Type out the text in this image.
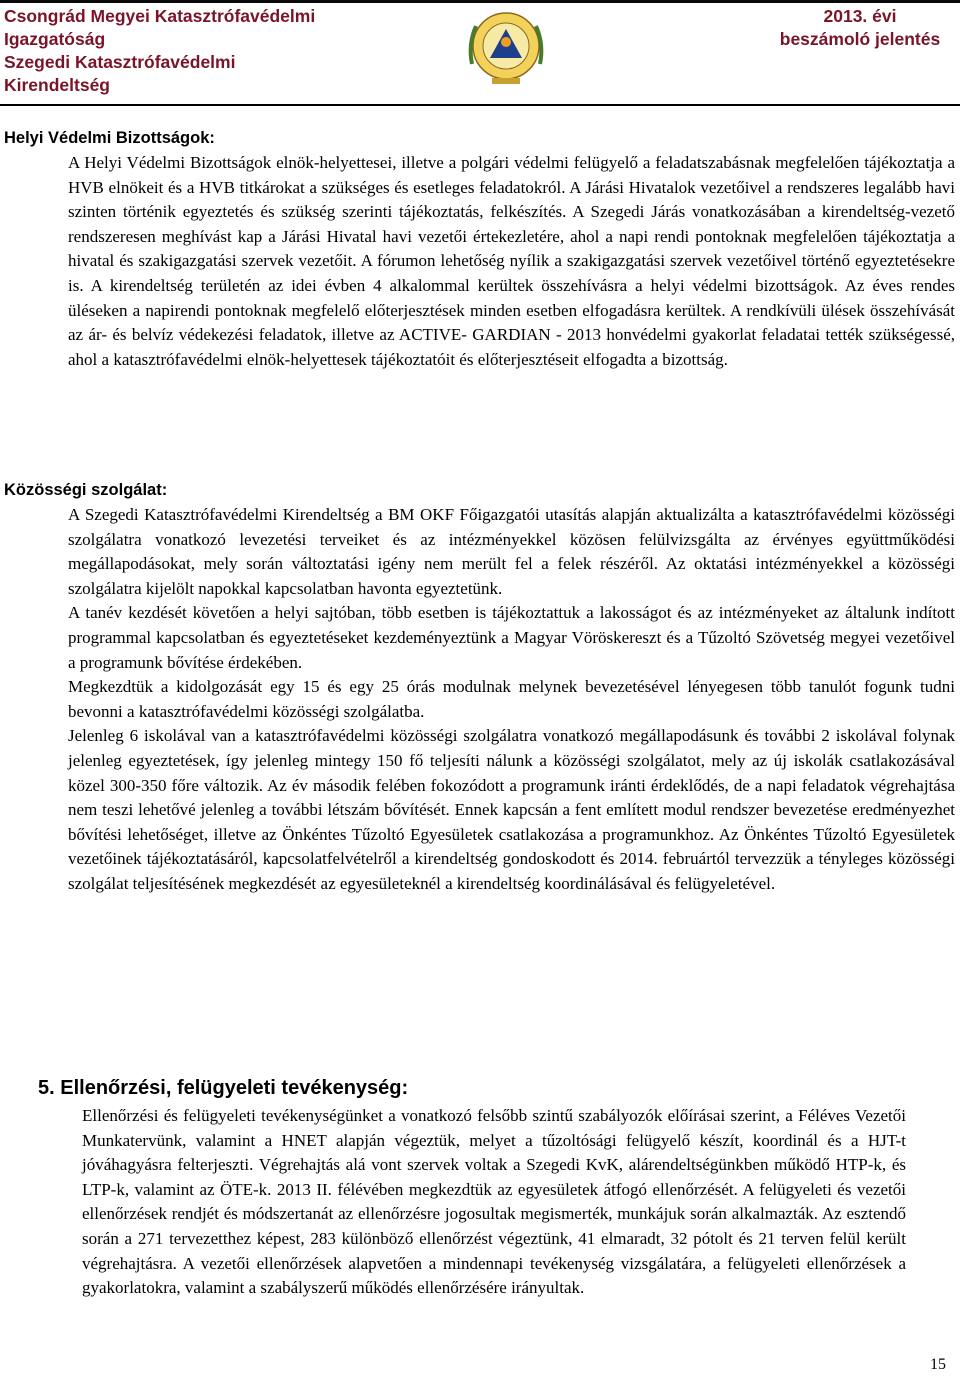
Csongrád Megyei Katasztrófavédelmi
Igazgatóság
Szegedi Katasztrófavédelmi
Kirendeltség
2013. évi
beszámoló jelentés
Helyi Védelmi Bizottságok:

A Helyi Védelmi Bizottságok elnök-helyettesei, illetve a polgári védelmi felügyelő a feladatszabásnak megfelelően tájékoztatja a HVB elnökeit és a HVB titkárokat a szükséges és esetleges feladatokról. A Járási Hivatalok vezetőivel a rendszeres legalább havi szinten történik egyeztetés és szükség szerinti tájékoztatás, felkészítés. A Szegedi Járás vonatkozásában a kirendeltség-vezető rendszeresen meghívást kap a Járási Hivatal havi vezetői értekezletére, ahol a napi rendi pontoknak megfelelően tájékoztatja a hivatal és szakigazgatási szervek vezetőit. A fórumon lehetőség nyílik a szakigazgatási szervek vezetőivel történő egyeztetésekre is. A kirendeltség területén az idei évben 4 alkalommal kerültek összehívásra a helyi védelmi bizottságok. Az éves rendes üléseken a napirendi pontoknak megfelelő előterjesztések minden esetben elfogadásra kerültek. A rendkívüli ülések összehívását az ár- és belvíz védekezési feladatok, illetve az ACTIVE- GARDIAN - 2013 honvédelmi gyakorlat feladatai tették szükségessé, ahol a katasztrófavédelmi elnök-helyettesek tájékoztatóit és előterjesztéseit elfogadta a bizottság.

Közösségi szolgálat:

A Szegedi Katasztrófavédelmi Kirendeltség a BM OKF Főigazgatói utasítás alapján aktualizálta a katasztrófavédelmi közösségi szolgálatra vonatkozó levezetési terveiket és az intézményekkel közösen felülvizsgálta az érvényes együttműködési megállapodásokat, mely során változtatási igény nem merült fel a felek részéről. Az oktatási intézményekkel a közösségi szolgálatra kijelölt napokkal kapcsolatban havonta egyeztetünk.

A tanév kezdését követően a helyi sajtóban, több esetben is tájékoztattuk a lakosságot és az intézményeket az általunk indított programmal kapcsolatban és egyeztetéseket kezdeményeztünk a Magyar Vöröskereszt és a Tűzoltó Szövetség megyei vezetőivel a programunk bővítése érdekében.

Megkezdtük a kidolgozását egy 15 és egy 25 órás modulnak melynek bevezetésével lényegesen több tanulót fogunk tudni bevonni a katasztrófavédelmi közösségi szolgálatba.

Jelenleg 6 iskolával van a katasztrófavédelmi közösségi szolgálatra vonatkozó megállapodásunk és további 2 iskolával folynak jelenleg egyeztetések, így jelenleg mintegy 150 fő teljesíti nálunk a közösségi szolgálatot, mely az új iskolák csatlakozásával közel 300-350 főre változik. Az év második felében fokozódott a programunk iránti érdeklődés, de a napi feladatok végrehajtása nem teszi lehetővé jelenleg a további létszám bővítését. Ennek kapcsán a fent említett modul rendszer bevezetése eredményezhet bővítési lehetőséget, illetve az Önkéntes Tűzoltó Egyesületek csatlakozása a programunkhoz. Az Önkéntes Tűzoltó Egyesületek vezetőinek tájékoztatásáról, kapcsolatfelvételről a kirendeltség gondoskodott és 2014. februártól tervezzük a tényleges közösségi szolgálat teljesítésének megkezdését az egyesületeknél a kirendeltség koordinálásával és felügyeletével.

5. Ellenőrzési, felügyeleti tevékenység:

Ellenőrzési és felügyeleti tevékenységünket a vonatkozó felsőbb szintű szabályozók előírásai szerint, a Féléves Vezetői Munkatervünk, valamint a HNET alapján végeztük, melyet a tűzoltósági felügyelő készít, koordinál és a HJT-t jóváhagyásra felterjeszti. Végrehajtás alá vont szervek voltak a Szegedi KvK, alárendeltségünkben működő HTP-k, és LTP-k, valamint az ÖTE-k. 2013 II. félévében megkezdtük az egyesületek átfogó ellenőrzését. A felügyeleti és vezetői ellenőrzések rendjét és módszertanát az ellenőrzésre jogosultak megismerték, munkájuk során alkalmazták. Az esztendő során a 271 tervezetthez képest, 283 különböző ellenőrzést végeztünk, 41 elmaradt, 32 pótolt és 21 terven felül került végrehajtásra. A vezetői ellenőrzések alapvetően a mindennapi tevékenység vizsgálatára, a felügyeleti ellenőrzések a gyakorlatokra, valamint a szabályszerű működés ellenőrzésére irányultak.

15
